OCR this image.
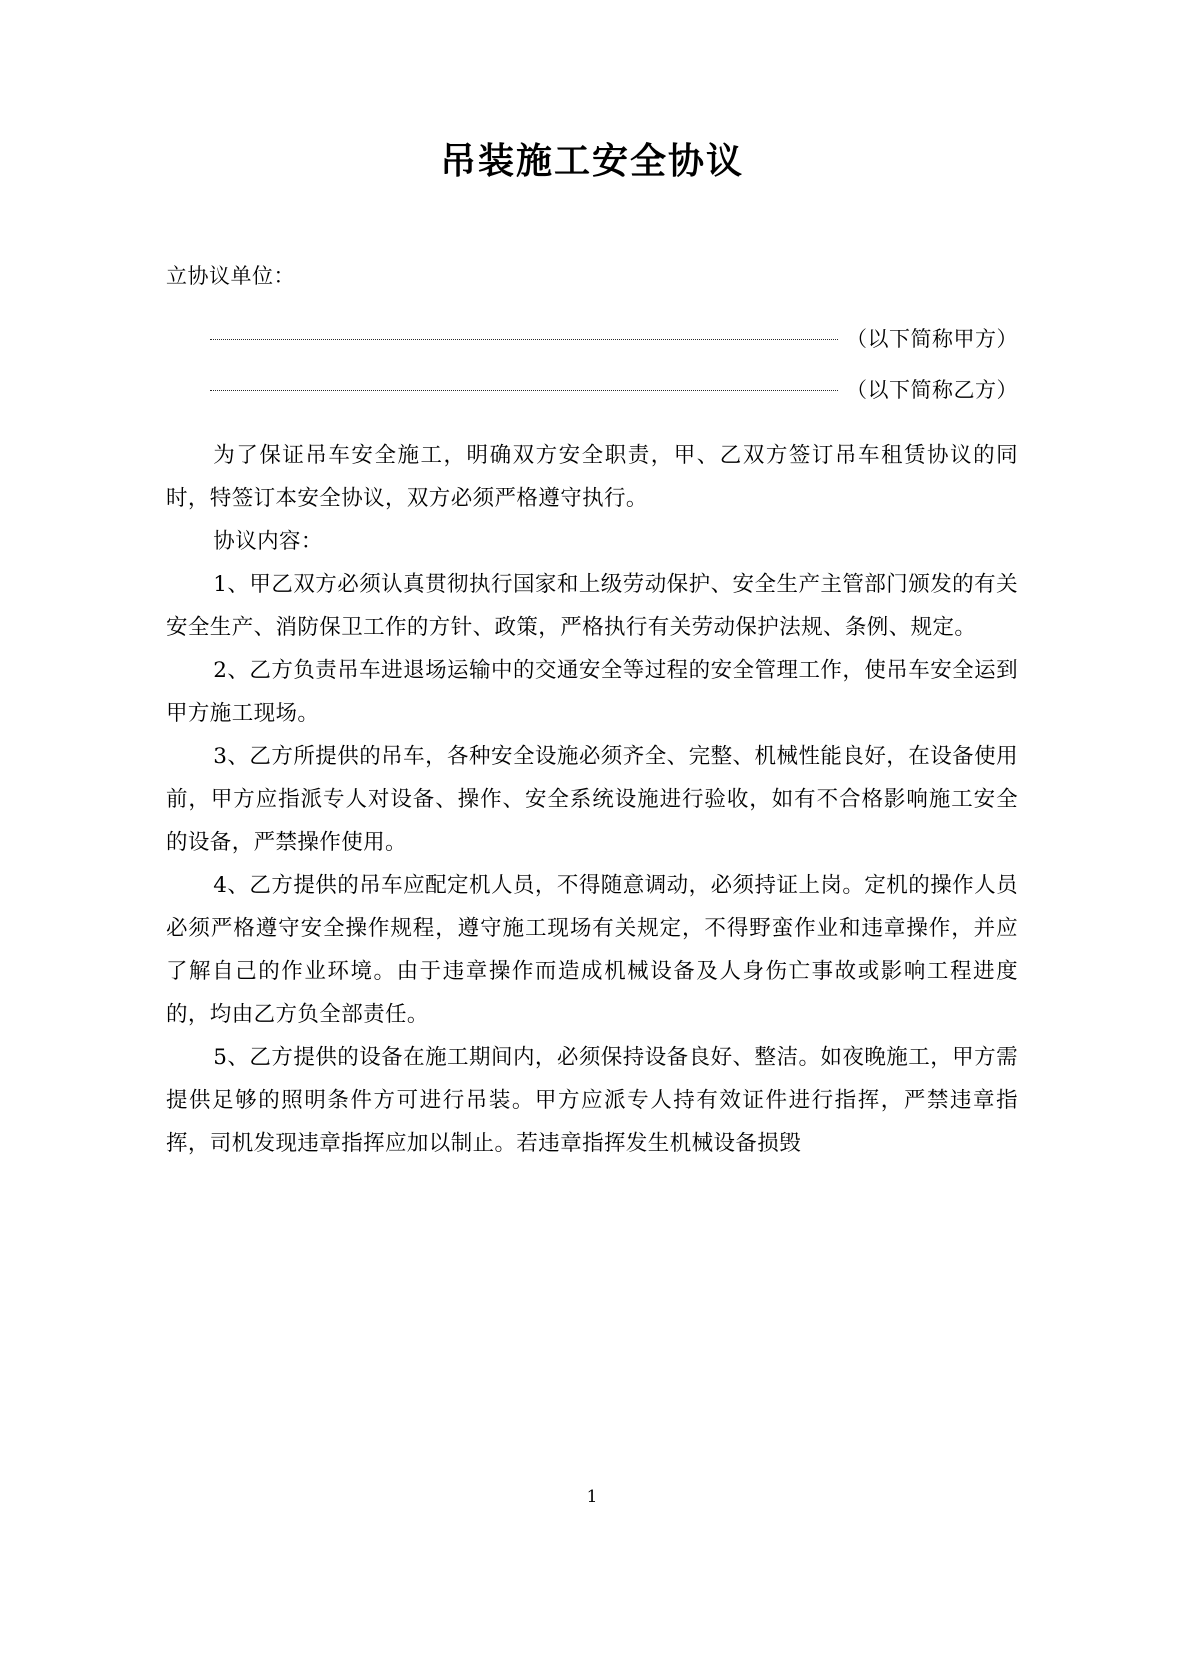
吊装施工安全协议

立协议单位：

（以下简称甲方）
（以下简称乙方）

为了保证吊车安全施工，明确双方安全职责，甲、乙双方签订吊车租赁协议的同时，特签订本安全协议，双方必须严格遵守执行。

协议内容：

1、甲乙双方必须认真贯彻执行国家和上级劳动保护、安全生产主管部门颁发的有关安全生产、消防保卫工作的方针、政策，严格执行有关劳动保护法规、条例、规定。

2、乙方负责吊车进退场运输中的交通安全等过程的安全管理工作，使吊车安全运到甲方施工现场。

3、乙方所提供的吊车，各种安全设施必须齐全、完整、机械性能良好，在设备使用前，甲方应指派专人对设备、操作、安全系统设施进行验收，如有不合格影响施工安全的设备，严禁操作使用。

4、乙方提供的吊车应配定机人员，不得随意调动，必须持证上岗。定机的操作人员必须严格遵守安全操作规程，遵守施工现场有关规定，不得野蛮作业和违章操作，并应了解自己的作业环境。由于违章操作而造成机械设备及人身伤亡事故或影响工程进度的，均由乙方负全部责任。

5、乙方提供的设备在施工期间内，必须保持设备良好、整洁。如夜晚施工，甲方需提供足够的照明条件方可进行吊装。甲方应派专人持有效证件进行指挥，严禁违章指挥，司机发现违章指挥应加以制止。若违章指挥发生机械设备损毁

1
